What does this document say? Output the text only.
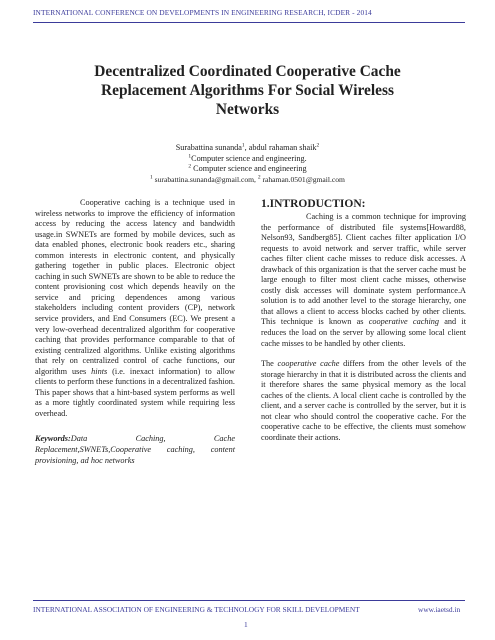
INTERNATIONAL CONFERENCE ON DEVELOPMENTS IN ENGINEERING RESEARCH, ICDER - 2014
Decentralized Coordinated Cooperative Cache
Replacement Algorithms For Social Wireless
Networks
Surabattina sunanda$^1$, abdul rahaman shaik$^2$
$^1$Computer science and engineering.
$^2$ Computer science and engineering
$^1$ surabattina.sunanda@gmail.com, $^2$ rahaman.0501@gmail.com

Cooperative caching is a technique used in wireless networks to improve the efficiency of information access by reducing the access latency and bandwidth usage.in SWNETs are formed by mobile devices, such as data enabled phones, electronic book readers etc., sharing common interests in electronic content, and physically gathering together in public places. Electronic object caching in such SWNETs are shown to be able to reduce the content provisioning cost which depends heavily on the service and pricing dependences among various stakeholders including content providers (CP), network service providers, and End Consumers (EC). We present a very low-overhead decentralized algorithm for cooperative caching that provides performance comparable to that of existing centralized algorithms. Unlike existing algorithms that rely on centralized control of cache functions, our algorithm uses hints (i.e. inexact information) to allow clients to perform these functions in a decentralized fashion. This paper shows that a hint-based system performs as well as a more tightly coordinated system while requiring less overhead.

Keywords:Data Caching, Cache Replacement,SWNETs,Cooperative caching, content provisioning, ad hoc networks

1.INTRODUCTION:

Caching is a common technique for improving the performance of distributed file systems[Howard88, Nelson93, Sandberg85]. Client caches filter application I/O requests to avoid network and server traffic, while server caches filter client cache misses to reduce disk accesses. A drawback of this organization is that the server cache must be large enough to filter most client cache misses, otherwise costly disk accesses will dominate system performance.A solution is to add another level to the storage hierarchy, one that allows a client to access blocks cached by other clients. This technique is known as cooperative caching and it reduces the load on the server by allowing some local client cache misses to be handled by other clients.

The cooperative cache differs from the other levels of the storage hierarchy in that it is distributed across the clients and it therefore shares the same physical memory as the local caches of the clients. A local client cache is controlled by the client, and a server cache is controlled by the server, but it is not clear who should control the cooperative cache. For the cooperative cache to be effective, the clients must somehow coordinate their actions.

INTERNATIONAL ASSOCIATION OF ENGINEERING & TECHNOLOGY FOR SKILL DEVELOPMENT	www.iaetsd.in
1
